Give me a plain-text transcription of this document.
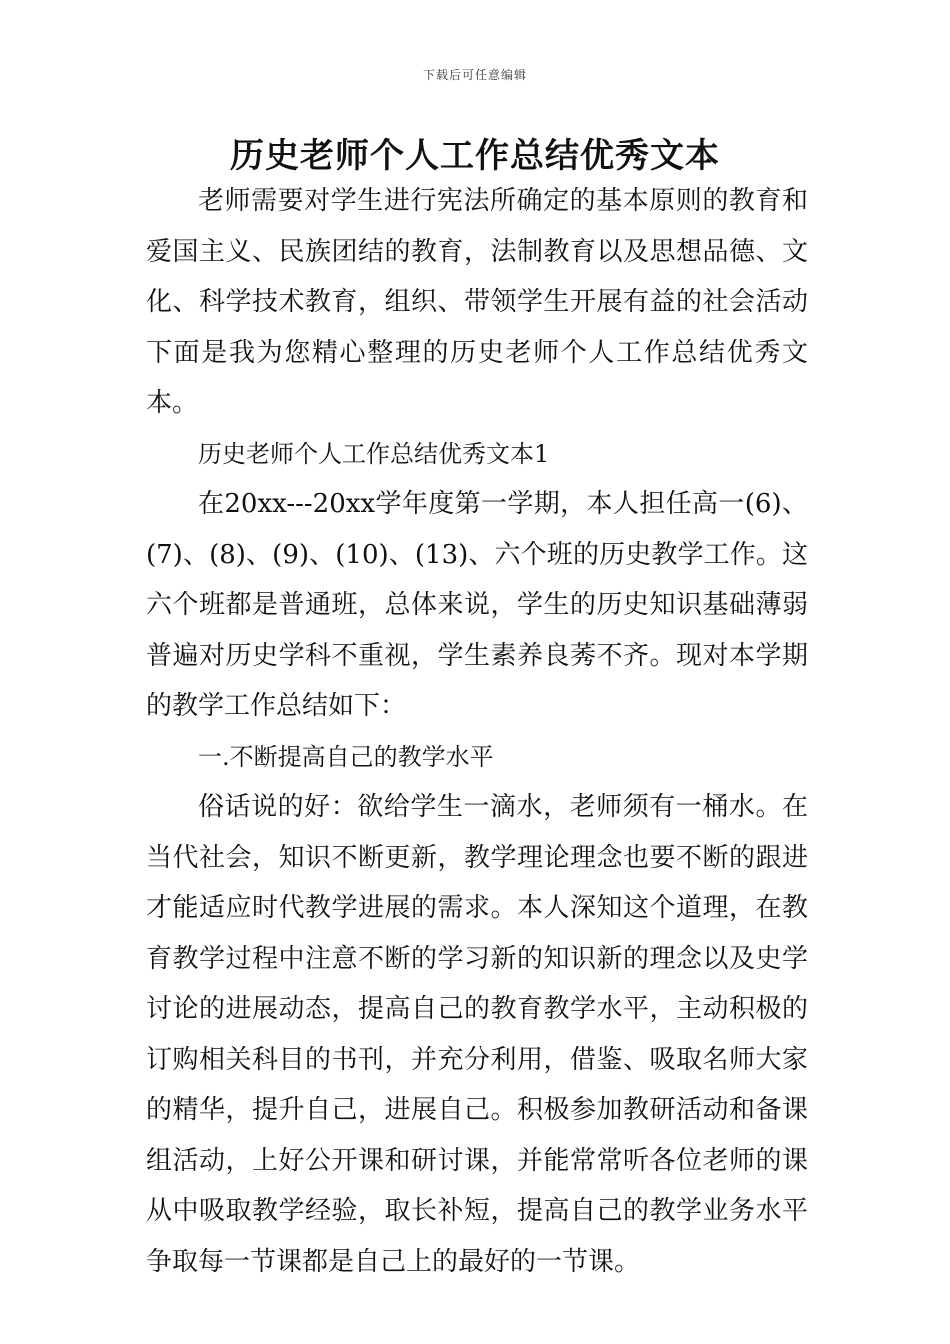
下载后可任意编辑
历史老师个人工作总结优秀文本

老师需要对学生进行宪法所确定的基本原则的教育和爱国主义、民族团结的教育，法制教育以及思想品德、文化、科学技术教育，组织、带领学生开展有益的社会活动下面是我为您精心整理的历史老师个人工作总结优秀文本。

历史老师个人工作总结优秀文本1

在20xx---20xx学年度第一学期，本人担任高一(6)、(7)、(8)、(9)、(10)、(13)、六个班的历史教学工作。这六个班都是普通班，总体来说，学生的历史知识基础薄弱普遍对历史学科不重视，学生素养良莠不齐。现对本学期的教学工作总结如下：

一.不断提高自己的教学水平

俗话说的好：欲给学生一滴水，老师须有一桶水。在当代社会，知识不断更新，教学理论理念也要不断的跟进才能适应时代教学进展的需求。本人深知这个道理，在教育教学过程中注意不断的学习新的知识新的理念以及史学讨论的进展动态，提高自己的教育教学水平，主动积极的订购相关科目的书刊，并充分利用，借鉴、吸取名师大家的精华，提升自己，进展自己。积极参加教研活动和备课组活动，上好公开课和研讨课，并能常常听各位老师的课从中吸取教学经验，取长补短，提高自己的教学业务水平争取每一节课都是自己上的最好的一节课。
